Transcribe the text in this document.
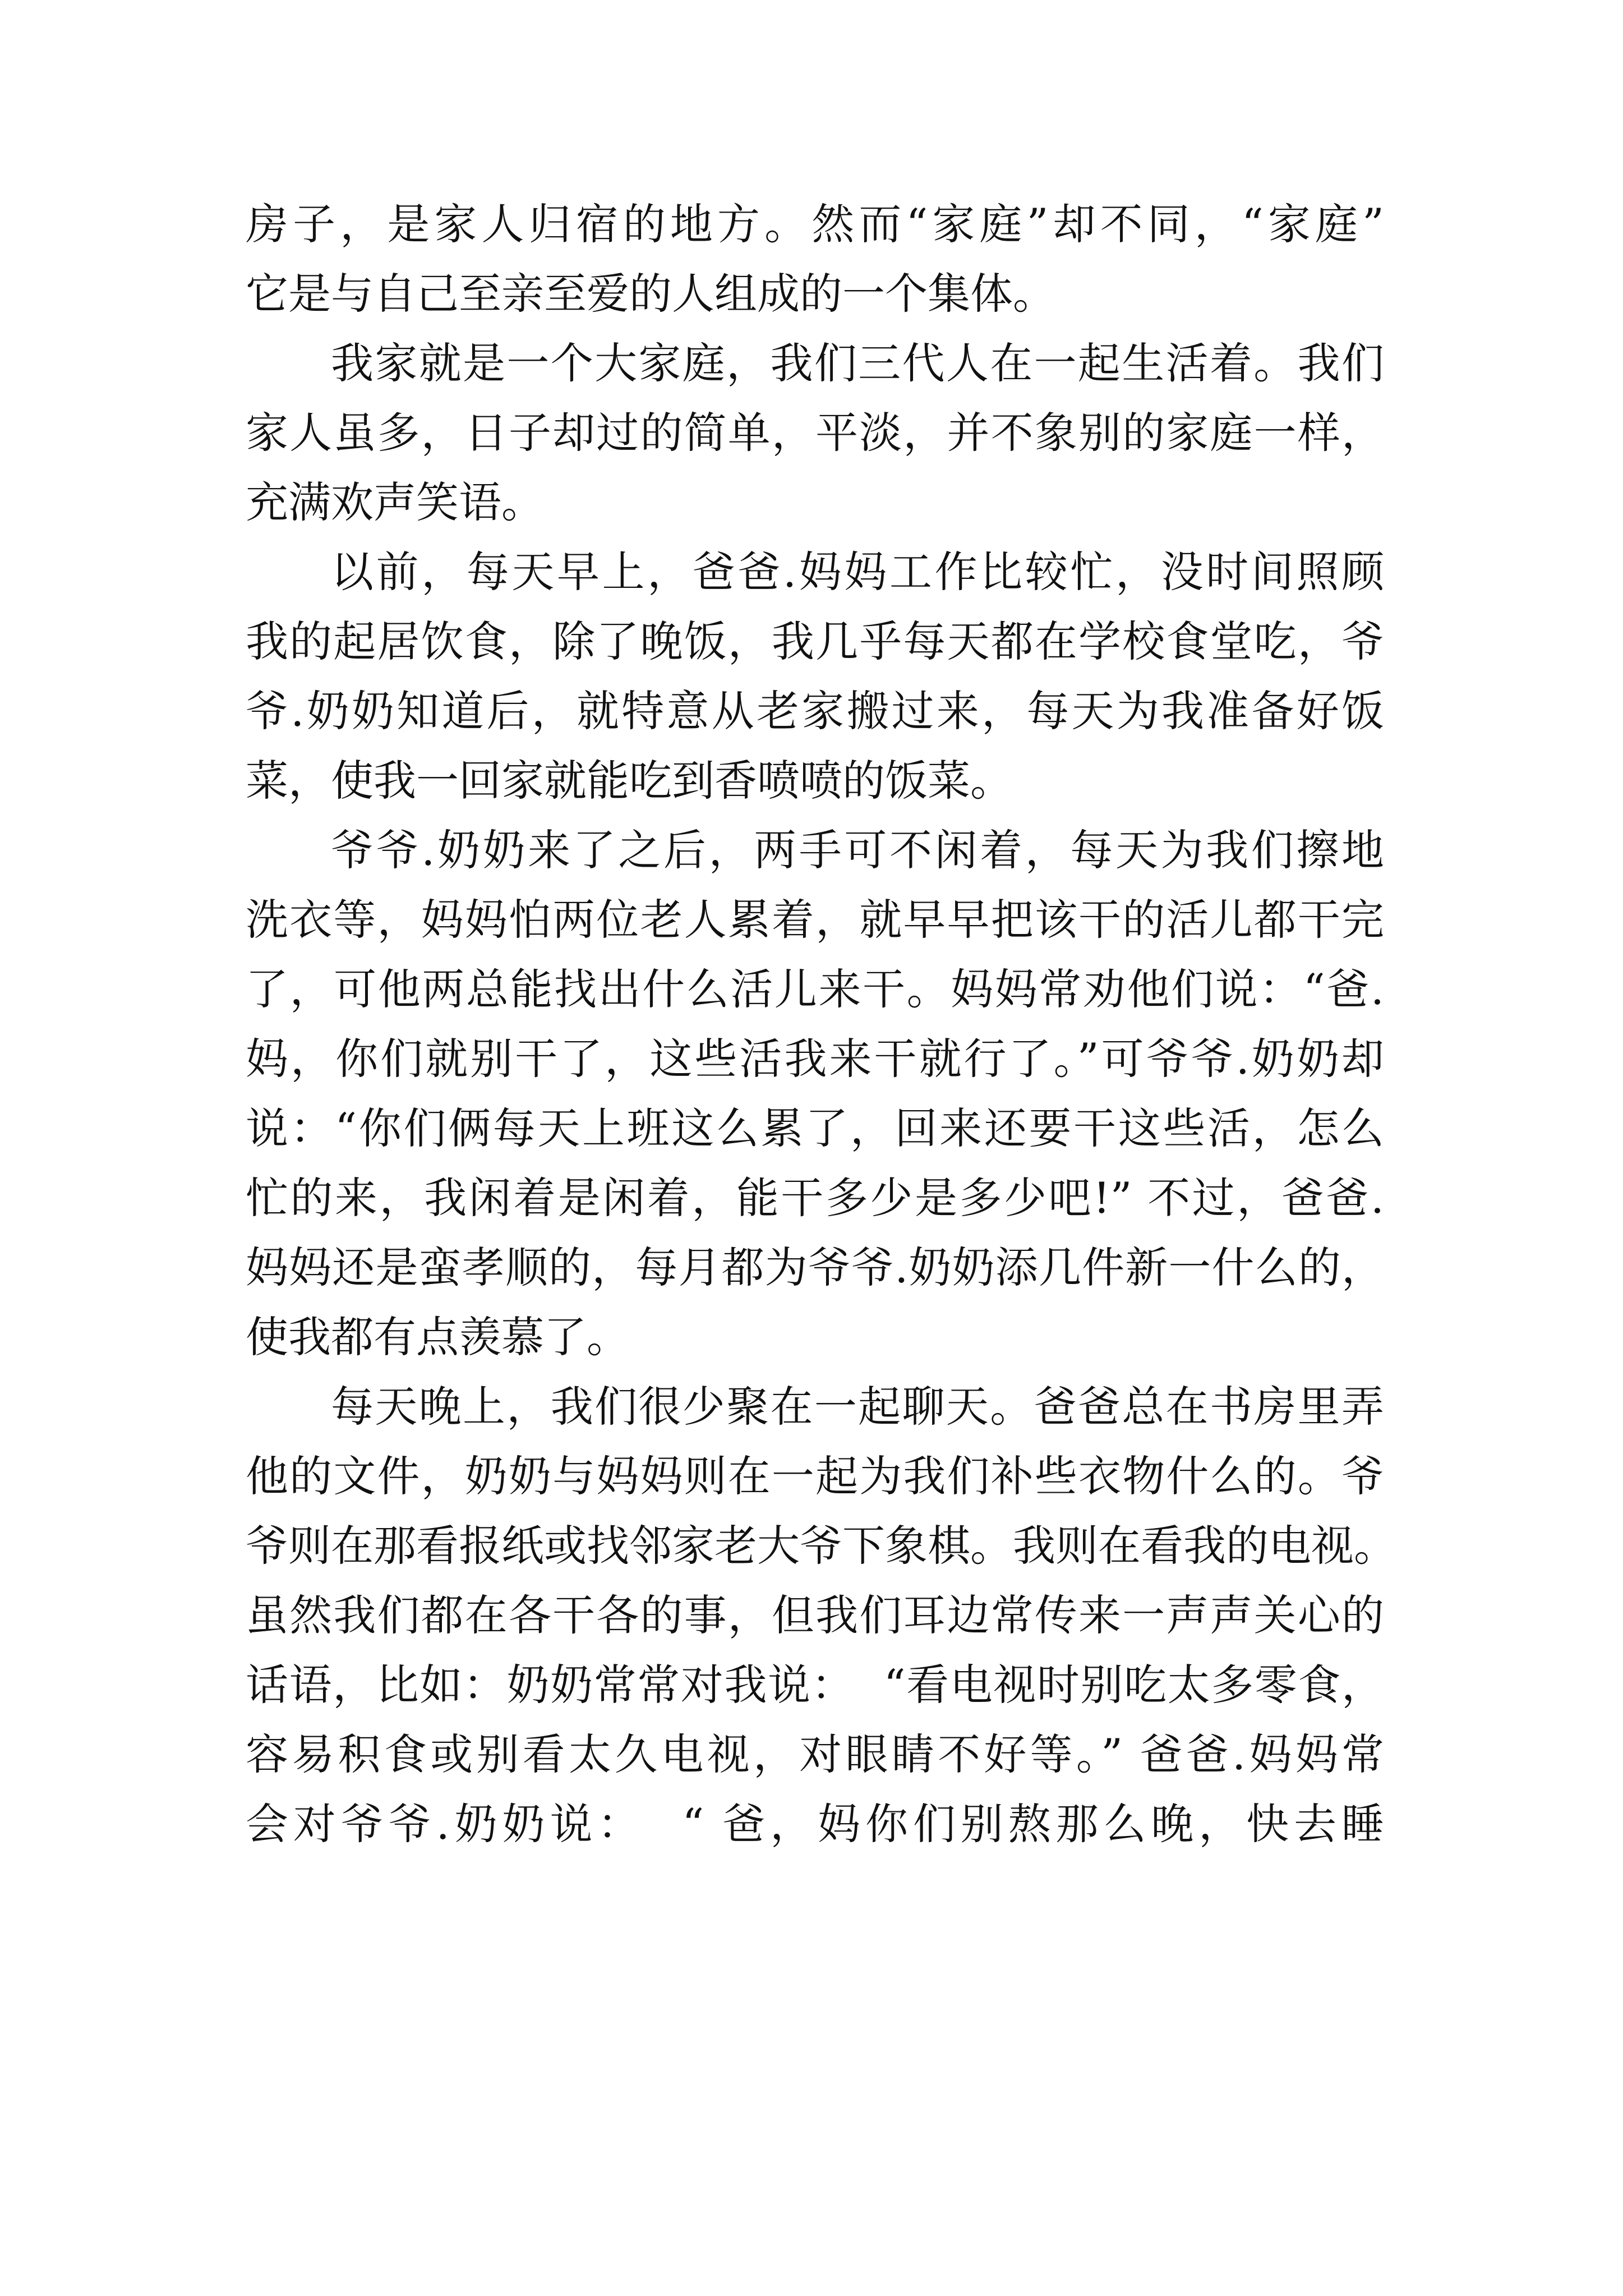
房子，是家人归宿的地方。然而“家庭”却不同，“家庭”
它是与自己至亲至爱的人组成的一个集体。
我家就是一个大家庭，我们三代人在一起生活着。我们
家人虽多，日子却过的简单，平淡，并不象别的家庭一样，
充满欢声笑语。
以前，每天早上，爸爸.妈妈工作比较忙，没时间照顾
我的起居饮食，除了晚饭，我几乎每天都在学校食堂吃，爷
爷.奶奶知道后，就特意从老家搬过来，每天为我准备好饭
菜，使我一回家就能吃到香喷喷的饭菜。
爷爷.奶奶来了之后，两手可不闲着，每天为我们擦地
洗衣等，妈妈怕两位老人累着，就早早把该干的活儿都干完
了，可他两总能找出什么活儿来干。妈妈常劝他们说：“爸.
妈，你们就别干了，这些活我来干就行了。”可爷爷.奶奶却
说：“你们俩每天上班这么累了，回来还要干这些活，怎么
忙的来，我闲着是闲着，能干多少是多少吧!” 不过，爸爸.
妈妈还是蛮孝顺的，每月都为爷爷.奶奶添几件新一什么的，
使我都有点羡慕了。
每天晚上，我们很少聚在一起聊天。爸爸总在书房里弄
他的文件，奶奶与妈妈则在一起为我们补些衣物什么的。爷
爷则在那看报纸或找邻家老大爷下象棋。我则在看我的电视。
虽然我们都在各干各的事，但我们耳边常传来一声声关心的
话语，比如：奶奶常常对我说：  “看电视时别吃太多零食，
容易积食或别看太久电视，对眼睛不好等。” 爸爸.妈妈常
会对爷爷.奶奶说：  “ 爸，妈你们别熬那么晚，快去睡
